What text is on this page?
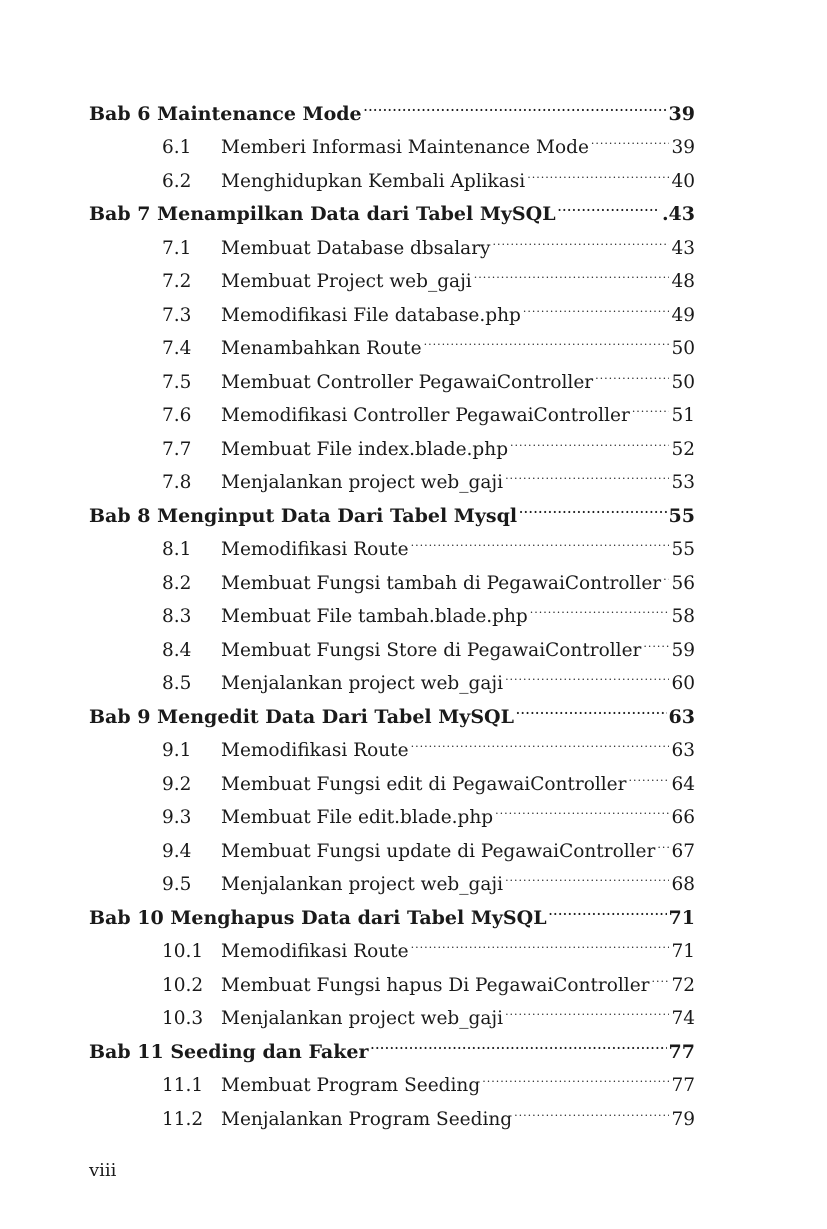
Bab 6 Maintenance Mode .....	39
6.1	Memberi Informasi Maintenance Mode .....	39
6.2	Menghidupkan Kembali Aplikasi .....	40
Bab 7 Menampilkan Data dari Tabel MySQL .....	.43
7.1	Membuat Database dbsalary .....	43
7.2	Membuat Project web_gaji .....	48
7.3	Memodifikasi File database.php .....	49
7.4	Menambahkan Route .....	50
7.5	Membuat Controller PegawaiController .....	50
7.6	Memodifikasi Controller PegawaiController ..... 51
7.7	Membuat File index.blade.php .....	52
7.8	Menjalankan project web_gaji .....	53
Bab 8 Menginput Data Dari Tabel Mysql .....	55
8.1	Memodifikasi Route .....	55
8.2	Membuat Fungsi tambah di PegawaiController ..... 56
8.3	Membuat File tambah.blade.php .....	58
8.4	Membuat Fungsi Store di PegawaiController ..... 59
8.5	Menjalankan project web_gaji .....	60
Bab 9 Mengedit Data Dari Tabel MySQL .....	63
9.1	Memodifikasi Route .....	63
9.2	Membuat Fungsi edit di PegawaiController ..... 64
9.3	Membuat File edit.blade.php .....	66
9.4	Membuat Fungsi update di PegawaiController ..... 67
9.5	Menjalankan project web_gaji .....	68
Bab 10 Menghapus Data dari Tabel MySQL .....	71
10.1 Memodifikasi Route .....	71
10.2 Membuat Fungsi hapus Di PegawaiController ..... 72
10.3 Menjalankan project web_gaji .....	74
Bab 11 Seeding dan Faker .....	77
11.1 Membuat Program Seeding .....	77
11.2 Menjalankan Program Seeding .....	79
viii
